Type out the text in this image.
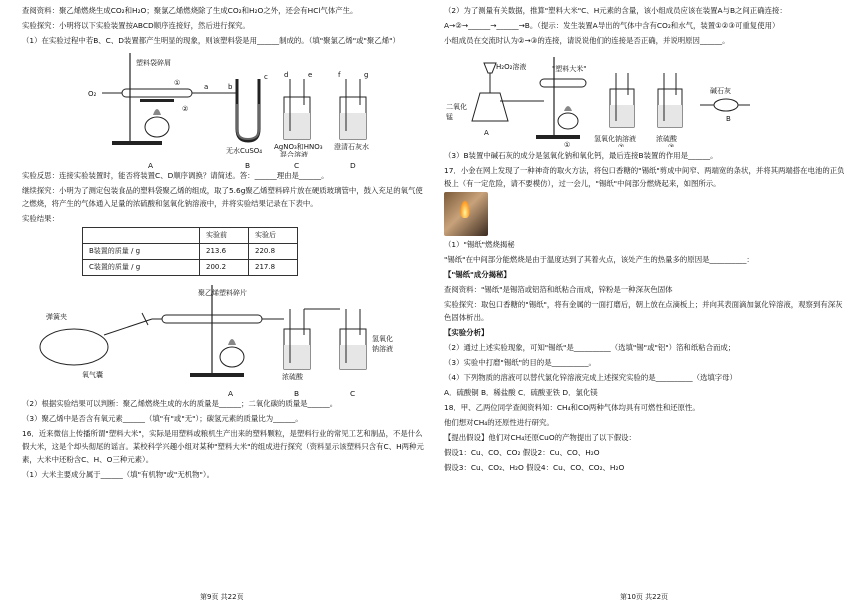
查阅资料：聚乙烯燃烧生成CO₂和H₂O；聚氯乙烯燃烧除了生成CO₂和H₂O之外，还会有HCl气体产生。

实验探究：小明将以下实验装置按ABCD顺序连接好，然后进行探究。

（1）在实验过程中若B、C、D装置都产生明显的现象，则该塑料袋是用______制成的。（填"聚氯乙烯"或"聚乙烯"）

塑料袋碎屑
O₂
a	b
c d	e	f	g
①
②
无水CuSO₄ AgNO₃和HNO₃
混合溶液
澄清石灰水
A	B	C	D

实验反思：连接实验装置时，能否将装置C、D顺序调换？请简述。答：______理由是______。

继续探究：小明为了测定包装食品的塑料袋聚乙烯的组成，取了5.6g聚乙烯塑料碎片放在硬质玻璃管中，鼓入充足的氧气使之燃烧，将产生的气体通入足量的浓硫酸和氢氧化钠溶液中，并将实验结果记录在下表中。

实验结果：

	实验前	实验后
B装置的质量 / g	213.6	220.8
C装置的质量 / g	200.2	217.8
聚乙烯塑料碎片
弹簧夹
氧气囊	浓硫酸
氢氧化
钠溶液
A	B	C

（2）根据实验结果可以判断：聚乙烯燃烧生成的水的质量是______；二氧化碳的质量是______。

（3）聚乙烯中是否含有氧元素______（填"有"或"无"）；碳氢元素的质量比为______。

16．近来微信上传播所谓"塑料大米"，实际是用塑料或粮机生产出来的塑料颗粒，是塑料行业的常见工艺和制品，不是什么假大米，这是个却头彻尾的谣言。某校科学兴趣小组对某种"塑料大米"的组成进行探究（资料显示该塑料只含有C、H两种元素，大米中还粉含C、H、O三种元素）。

（1）大米主要成分属于______（填"有机物"或"无机物"）。

（2）为了测量有关数据，推算"塑料大米"C、H元素的含量，该小组成员应该在装置A与B之间正确连接：

A→②→______→______→B。（提示：发生装置A导出的气体中含有CO₂和水气，装置①②③可重复使用）

小组成员在交流时认为②→③的连接，请说说他们的连接是否正确，并说明原因______。

H₂O₂溶液	"塑料大米"
二氧化
锰
氢氧化钠溶液	浓硫酸
碱石灰
A
①	②	③
B

（3）B装置中碱石灰的成分是氢氧化钠和氧化钙，最后连接B装置的作用是______。

17．小金在网上发现了一种神奇的取火方法，将包口香糖的"锡纸"剪成中间窄、两端宽的条状，并将其两端搭在电池的正负极上（有一定危险，请不要模仿），过一会儿，"锡纸"中间部分燃烧起来，如图所示。

（1）"锡纸"燃烧揭秘

"锡纸"在中间部分能燃烧是由于温度达到了其着火点，该处产生的热量多的原因是__________：

【"锡纸"成分揭秘】

查阅资料："锡纸"是锡箔或铝箔和纸粘合而成，锌粉是一种深灰色固体

实验探究：取包口香糖的"锡纸"，将有金属的一面打磨后，朝上放在点滴板上；并向其表面滴加氯化锌溶液，观察到有深灰色固体析出。

【实验分析】

（2）通过上述实验现象，可知"锡纸"是__________（选填"锡"或"铝"）箔和纸粘合而成；

（3）实验中打磨"锡纸"的目的是__________。

（4）下列物质的溶液可以替代氯化锌溶液完成上述探究实验的是__________（选填字母）

A．硫酸铜 B．稀盐酸 C．硫酸亚铁 D．氯化镁

18．甲、乙两位同学查阅资料知：CH₄和CO两种气体均具有可燃性和还原性。

他们想对CH₄的还原性进行研究。

【提出假设】他们对CH₄还原CuO的产物提出了以下假设：

假设1：Cu、CO、CO₂ 假设2：Cu、CO、H₂O

假设3：Cu、CO₂、H₂O 假设4：Cu、CO、CO₂、H₂O

第9页 共22页	第10页 共22页
